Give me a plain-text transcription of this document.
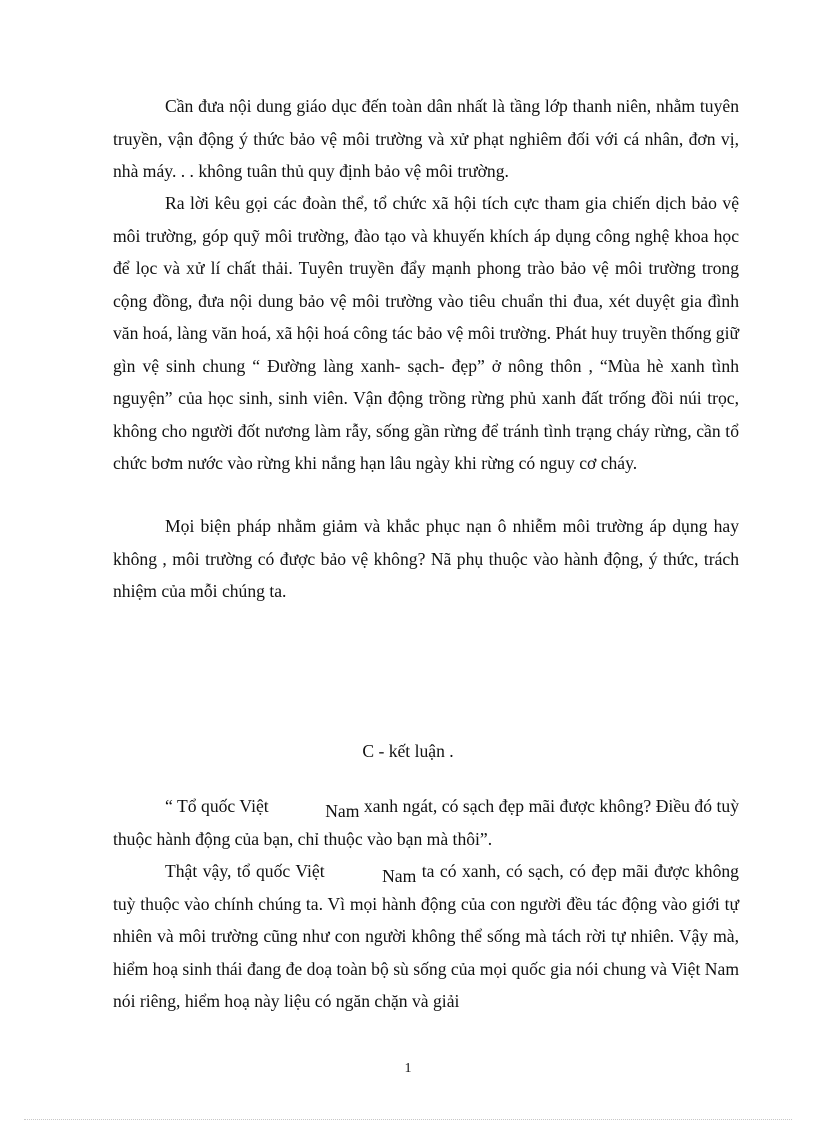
Cần đưa nội dung giáo dục đến toàn dân nhất là tầng lớp thanh niên, nhằm tuyên truyền, vận động ý thức bảo vệ môi trường và xử phạt nghiêm đối với cá nhân, đơn vị, nhà máy. . . không tuân thủ quy định bảo vệ môi trường.

Ra lời kêu gọi các đoàn thể, tổ chức xã hội tích cực tham gia chiến dịch bảo vệ môi trường, góp quỹ môi trường, đào tạo và khuyến khích áp dụng công nghệ khoa học để lọc và xử lí chất thải. Tuyên truyền đẩy mạnh phong trào bảo vệ môi trường trong cộng đồng, đưa nội dung bảo vệ môi trường vào tiêu chuẩn thi đua, xét duyệt gia đình văn hoá, làng văn hoá, xã hội hoá công tác bảo vệ môi trường. Phát huy truyền thống giữ gìn vệ sinh chung “ Đường làng xanh- sạch- đẹp” ở nông thôn , “Mùa hè xanh tình nguyện” của học sinh, sinh viên. Vận động trồng rừng phủ xanh đất trống đồi núi trọc, không cho người đốt nương làm rẫy, sống gần rừng để tránh tình trạng cháy rừng, cần tổ chức bơm nước vào rừng khi nắng hạn lâu ngày khi rừng có nguy cơ cháy.

Mọi biện pháp nhằm giảm và khắc phục nạn ô nhiễm môi trường áp dụng hay không , môi trường có được bảo vệ không? Nã phụ thuộc vào hành động, ý thức, trách nhiệm của mỗi chúng ta.

C - kết luận .

“ Tổ quốc Việt	Nam xanh ngát, có sạch đẹp mãi được không? Điều đó tuỳ thuộc hành động của bạn, chỉ thuộc vào bạn mà thôi”.

Thật vậy, tổ quốc Việt	Nam ta có xanh, có sạch, có đẹp mãi được không tuỳ thuộc vào chính chúng ta. Vì mọi hành động của con người đều tác động vào giới tự nhiên và môi trường cũng như con người không thể sống mà tách rời tự nhiên. Vậy mà, hiểm hoạ sinh thái đang đe doạ toàn bộ sù sống của mọi quốc gia nói chung và Việt Nam nói riêng, hiểm hoạ này liệu có ngăn chặn và giải

1
